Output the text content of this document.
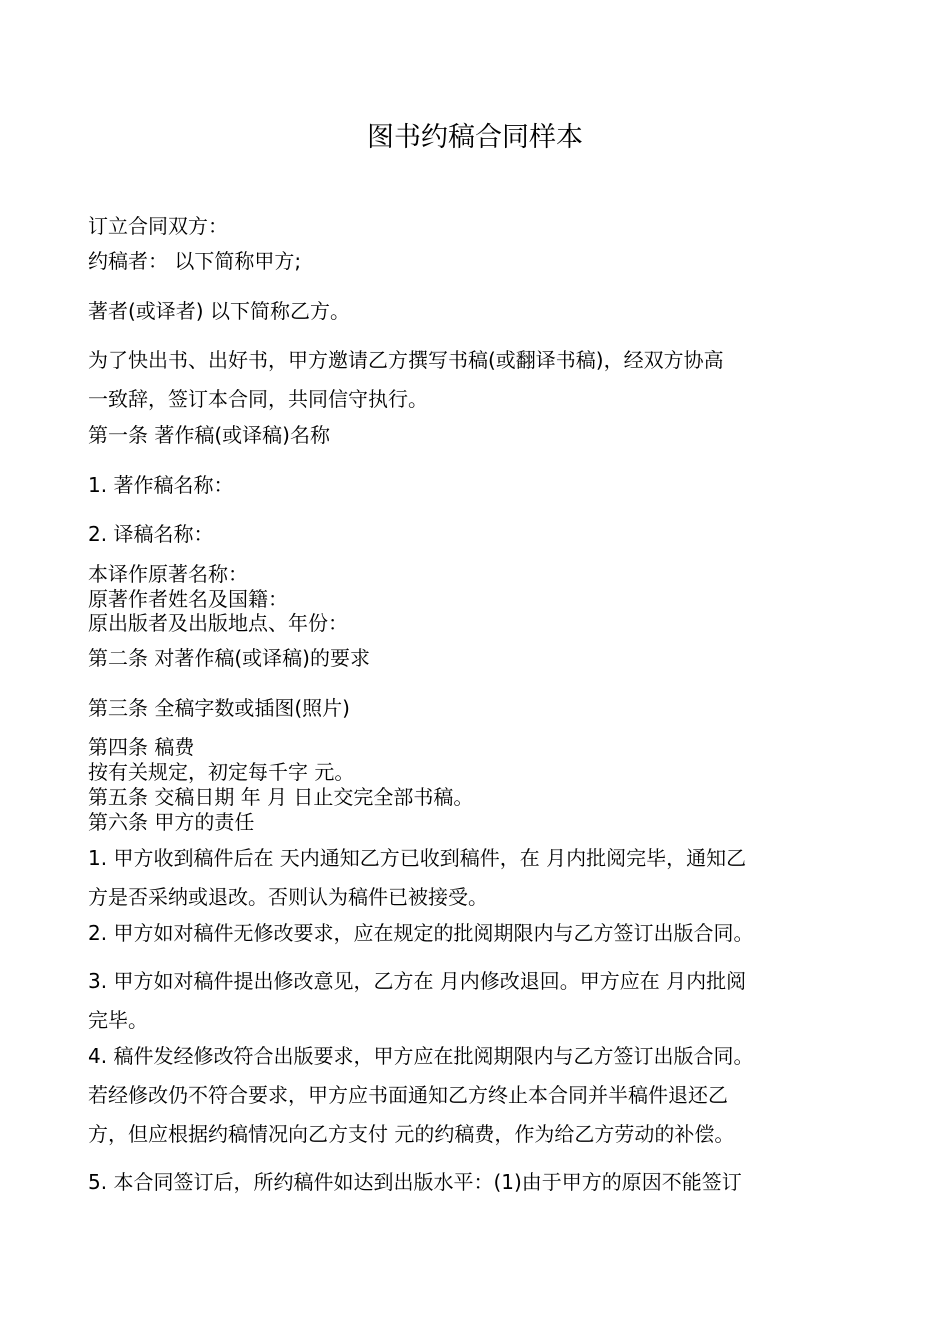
图书约稿合同样本
订立合同双方：
约稿者： 以下简称甲方;
著者(或译者) 以下简称乙方。
为了快出书、出好书，甲方邀请乙方撰写书稿(或翻译书稿)，经双方协高
一致辞，签订本合同，共同信守执行。
第一条 著作稿(或译稿)名称
1. 著作稿名称：
2. 译稿名称：
本译作原著名称：
原著作者姓名及国籍：
原出版者及出版地点、年份：
第二条 对著作稿(或译稿)的要求
第三条 全稿字数或插图(照片)
第四条 稿费
按有关规定，初定每千字 元。
第五条 交稿日期 年 月 日止交完全部书稿。
第六条 甲方的责任
1. 甲方收到稿件后在 天内通知乙方已收到稿件，在 月内批阅完毕，通知乙
方是否采纳或退改。否则认为稿件已被接受。
2. 甲方如对稿件无修改要求，应在规定的批阅期限内与乙方签订出版合同。
3. 甲方如对稿件提出修改意见，乙方在 月内修改退回。甲方应在 月内批阅
完毕。
4. 稿件发经修改符合出版要求，甲方应在批阅期限内与乙方签订出版合同。
若经修改仍不符合要求，甲方应书面通知乙方终止本合同并半稿件退还乙
方，但应根据约稿情况向乙方支付 元的约稿费，作为给乙方劳动的补偿。
5. 本合同签订后，所约稿件如达到出版水平：(1)由于甲方的原因不能签订
